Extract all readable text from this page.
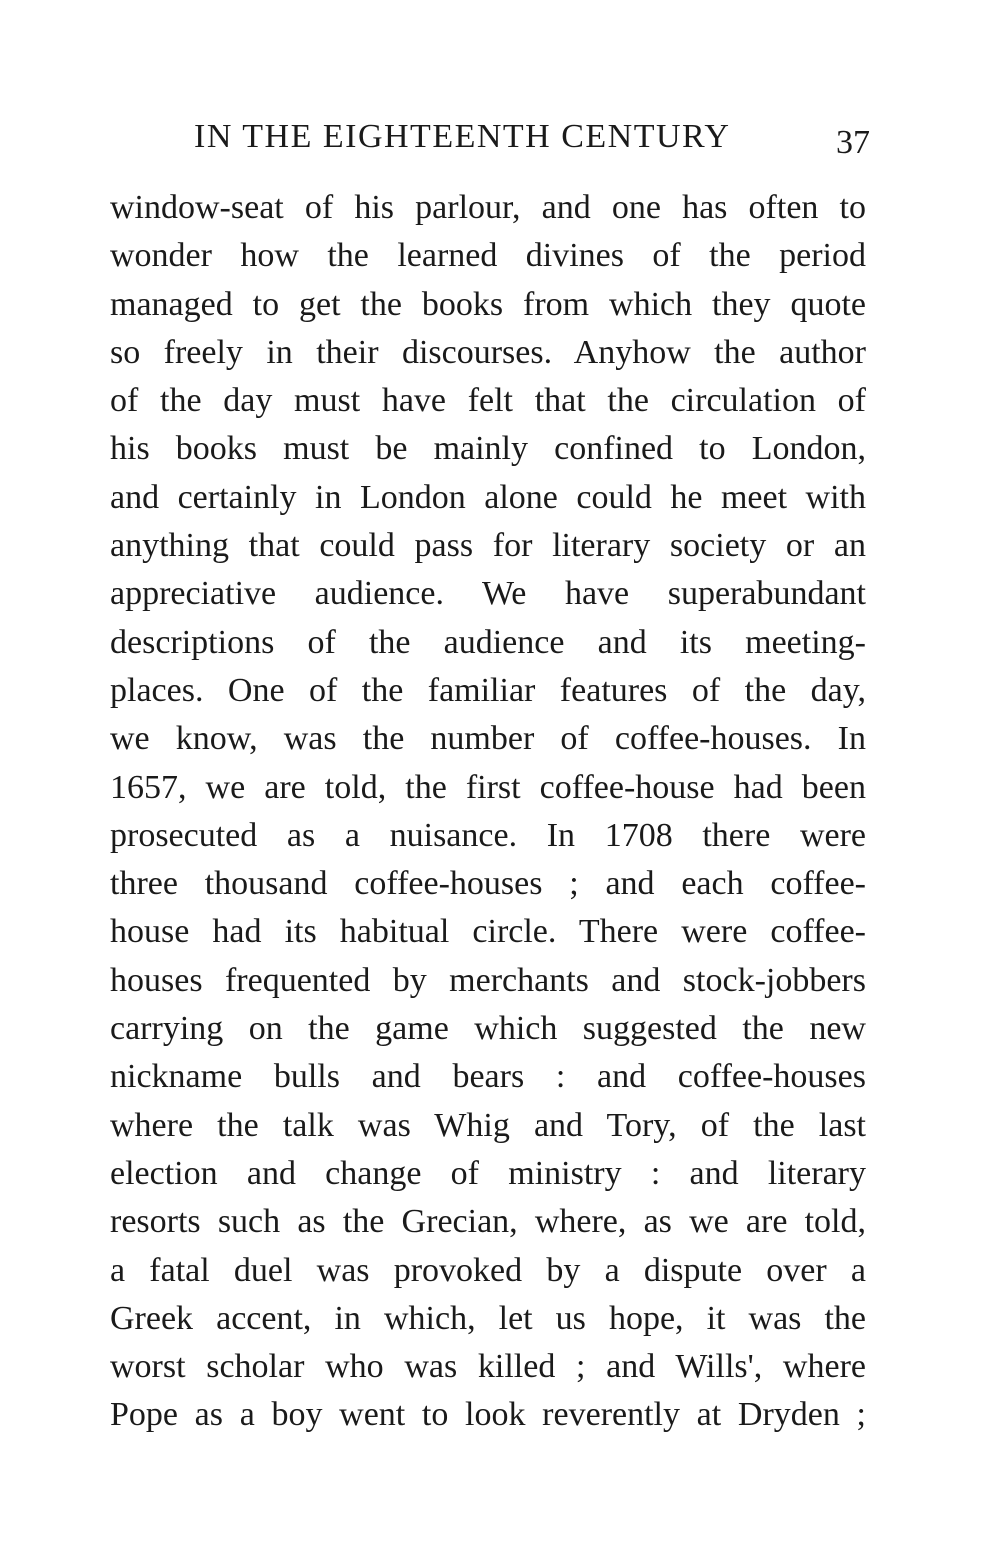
IN THE EIGHTEENTH CENTURY	37
window-seat of his parlour, and one has often to
wonder how the learned divines of the period
managed to get the books from which they quote
so freely in their discourses. Anyhow the author
of the day must have felt that the circulation of
his books must be mainly confined to London,
and certainly in London alone could he meet with
anything that could pass for literary society or an
appreciative audience. We have superabundant
descriptions of the audience and its meeting-
places. One of the familiar features of the day,
we know, was the number of coffee-houses. In
1657, we are told, the first coffee-house had been
prosecuted as a nuisance. In 1708 there were
three thousand coffee-houses ; and each coffee-
house had its habitual circle. There were coffee-
houses frequented by merchants and stock-jobbers
carrying on the game which suggested the new
nickname bulls and bears : and coffee-houses
where the talk was Whig and Tory, of the last
election and change of ministry : and literary
resorts such as the Grecian, where, as we are told,
a fatal duel was provoked by a dispute over a
Greek accent, in which, let us hope, it was the
worst scholar who was killed ; and Wills', where
Pope as a boy went to look reverently at Dryden ;
